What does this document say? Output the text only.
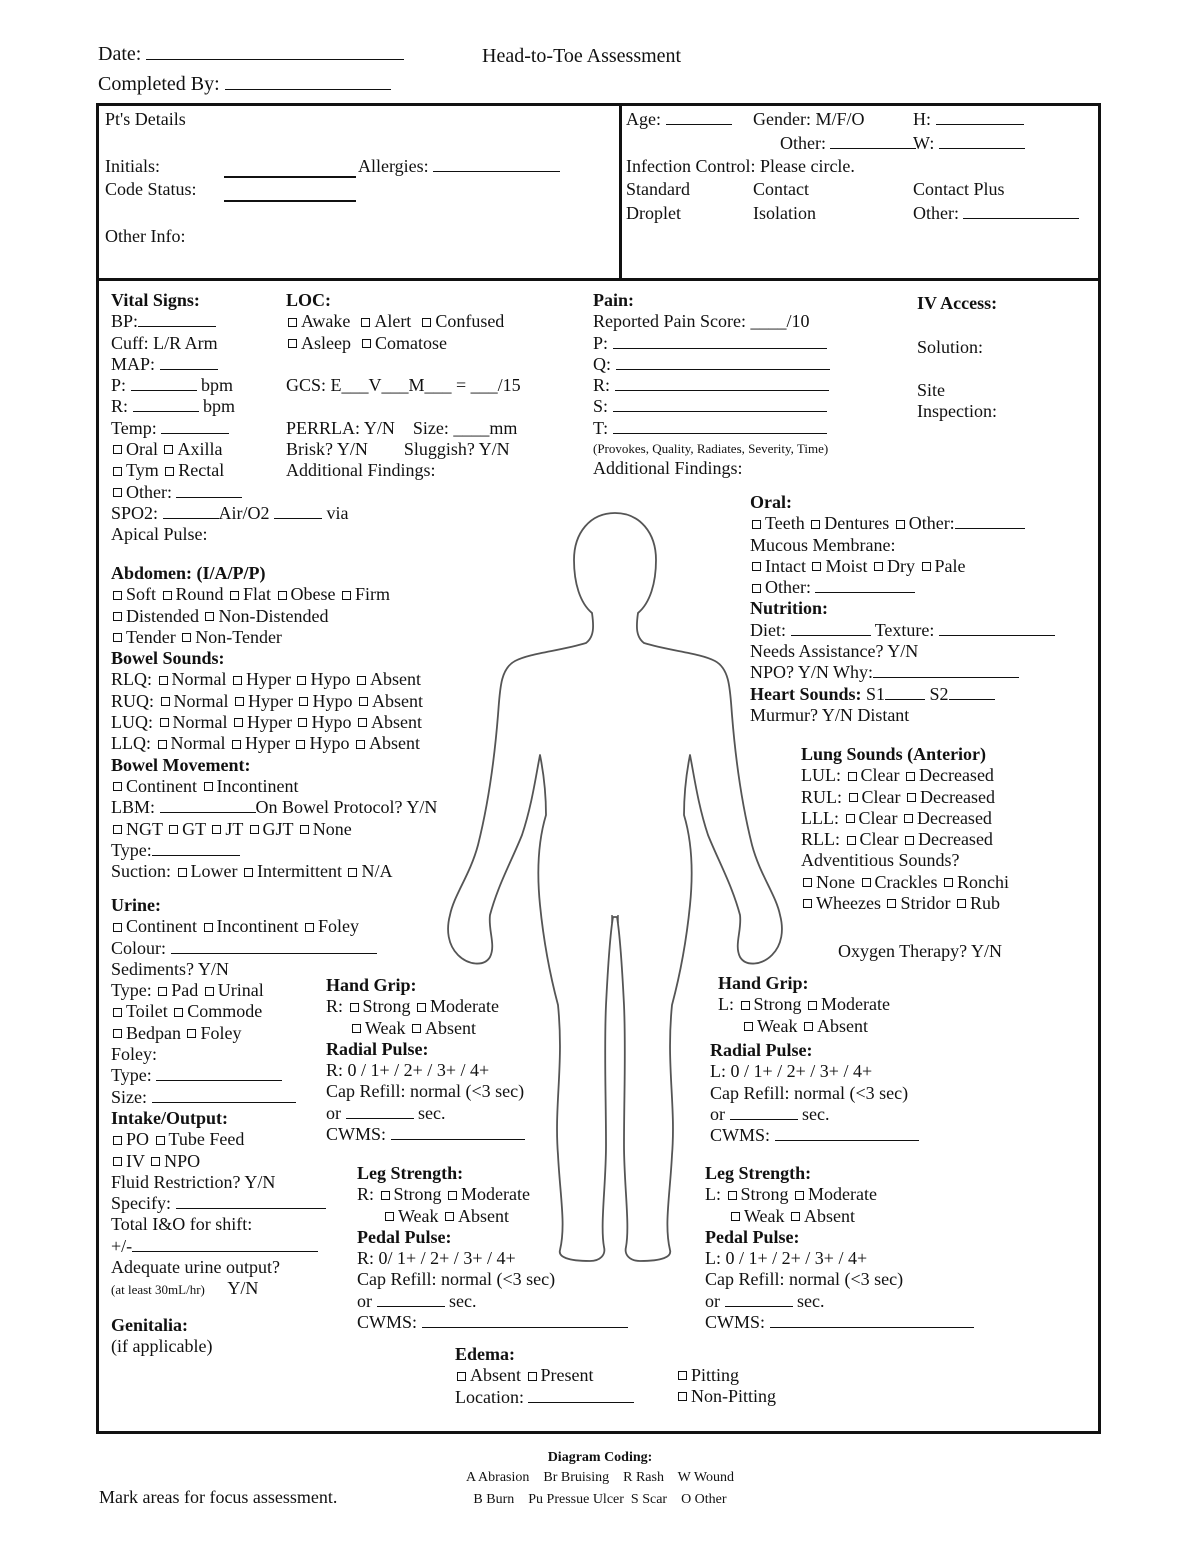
Date:
Completed By:
Head-to-Toe Assessment
Pt's Details
Initials:	Allergies:
Code Status:
Other Info:
Age:	Gender: M/F/O	H:
Other:	W:
Infection Control: Please circle.
Standard	Contact	Contact Plus
Droplet	Isolation	Other:
Vital Signs:
BP:
Cuff: L/R Arm
MAP:
P:	bpm
R:	bpm
Temp:
Oral Axilla
Tym Rectal
Other:
SPO2:	Air/O2	via
Apical Pulse:
LOC:
Awake Alert Confused
Asleep Comatose
GCS: E___V___M___ = ___/15
PERRLA: Y/N Size: ____mm
Brisk? Y/N Sluggish? Y/N
Additional Findings:
Pain:
Reported Pain Score: ____/10
P:
Q:
R:
S:
T:
(Provokes, Quality, Radiates, Severity, Time)
Additional Findings:
IV Access:
Solution:
Site
Inspection:
Abdomen: (I/A/P/P)
Soft Round Flat Obese Firm
Distended Non-Distended
Tender Non-Tender
Bowel Sounds:
RLQ: Normal Hyper Hypo Absent
RUQ: Normal Hyper Hypo Absent
LUQ: Normal Hyper Hypo Absent
LLQ: Normal Hyper Hypo Absent
Bowel Movement:
Continent Incontinent
LBM:	On Bowel Protocol? Y/N
NGT GT JT GJT None
Type:
Suction: Lower Intermittent N/A
Urine:
Continent Incontinent Foley
Colour:
Sediments? Y/N
Type: Pad Urinal
Toilet Commode
Bedpan Foley
Foley:
Type:
Size:
Intake/Output:
PO Tube Feed
IV NPO
Fluid Restriction? Y/N
Specify:
Total I&O for shift:
+/-
Adequate urine output?
(at least 30mL/hr) Y/N
Genitalia:
(if applicable)
Oral:
Teeth Dentures Other:
Mucous Membrane:
Intact Moist Dry Pale
Other:
Nutrition:
Diet:	Texture:
Needs Assistance? Y/N
NPO? Y/N Why:
Heart Sounds: S1 S2
Murmur? Y/N Distant
Lung Sounds (Anterior)
LUL: Clear Decreased
RUL: Clear Decreased
LLL: Clear Decreased
RLL: Clear Decreased
Adventitious Sounds?
None Crackles Ronchi
Wheezes Stridor Rub
Oxygen Therapy? Y/N
Hand Grip:
R: Strong Moderate
Weak Absent
Radial Pulse:
R: 0 / 1+ / 2+ / 3+ / 4+
Cap Refill: normal (<3 sec)
or	sec.
CWMS:
Leg Strength:
R: Strong Moderate
Weak Absent
Pedal Pulse:
R: 0/ 1+ / 2+ / 3+ / 4+
Cap Refill: normal (<3 sec)
or	sec.
CWMS:
Hand Grip:
L: Strong Moderate
Weak Absent
Radial Pulse:
L: 0 / 1+ / 2+ / 3+ / 4+
Cap Refill: normal (<3 sec)
or	sec.
CWMS:
Leg Strength:
L: Strong Moderate
Weak Absent
Pedal Pulse:
L: 0 / 1+ / 2+ / 3+ / 4+
Cap Refill: normal (<3 sec)
or	sec.
CWMS:
Edema:
Absent Present
Location:
Pitting
Non-Pitting
Mark areas for focus assessment.
Diagram Coding:
A Abrasion    Br Bruising    R Rash    W Wound
B Burn    Pu Pressue Ulcer  S Scar    O Other
